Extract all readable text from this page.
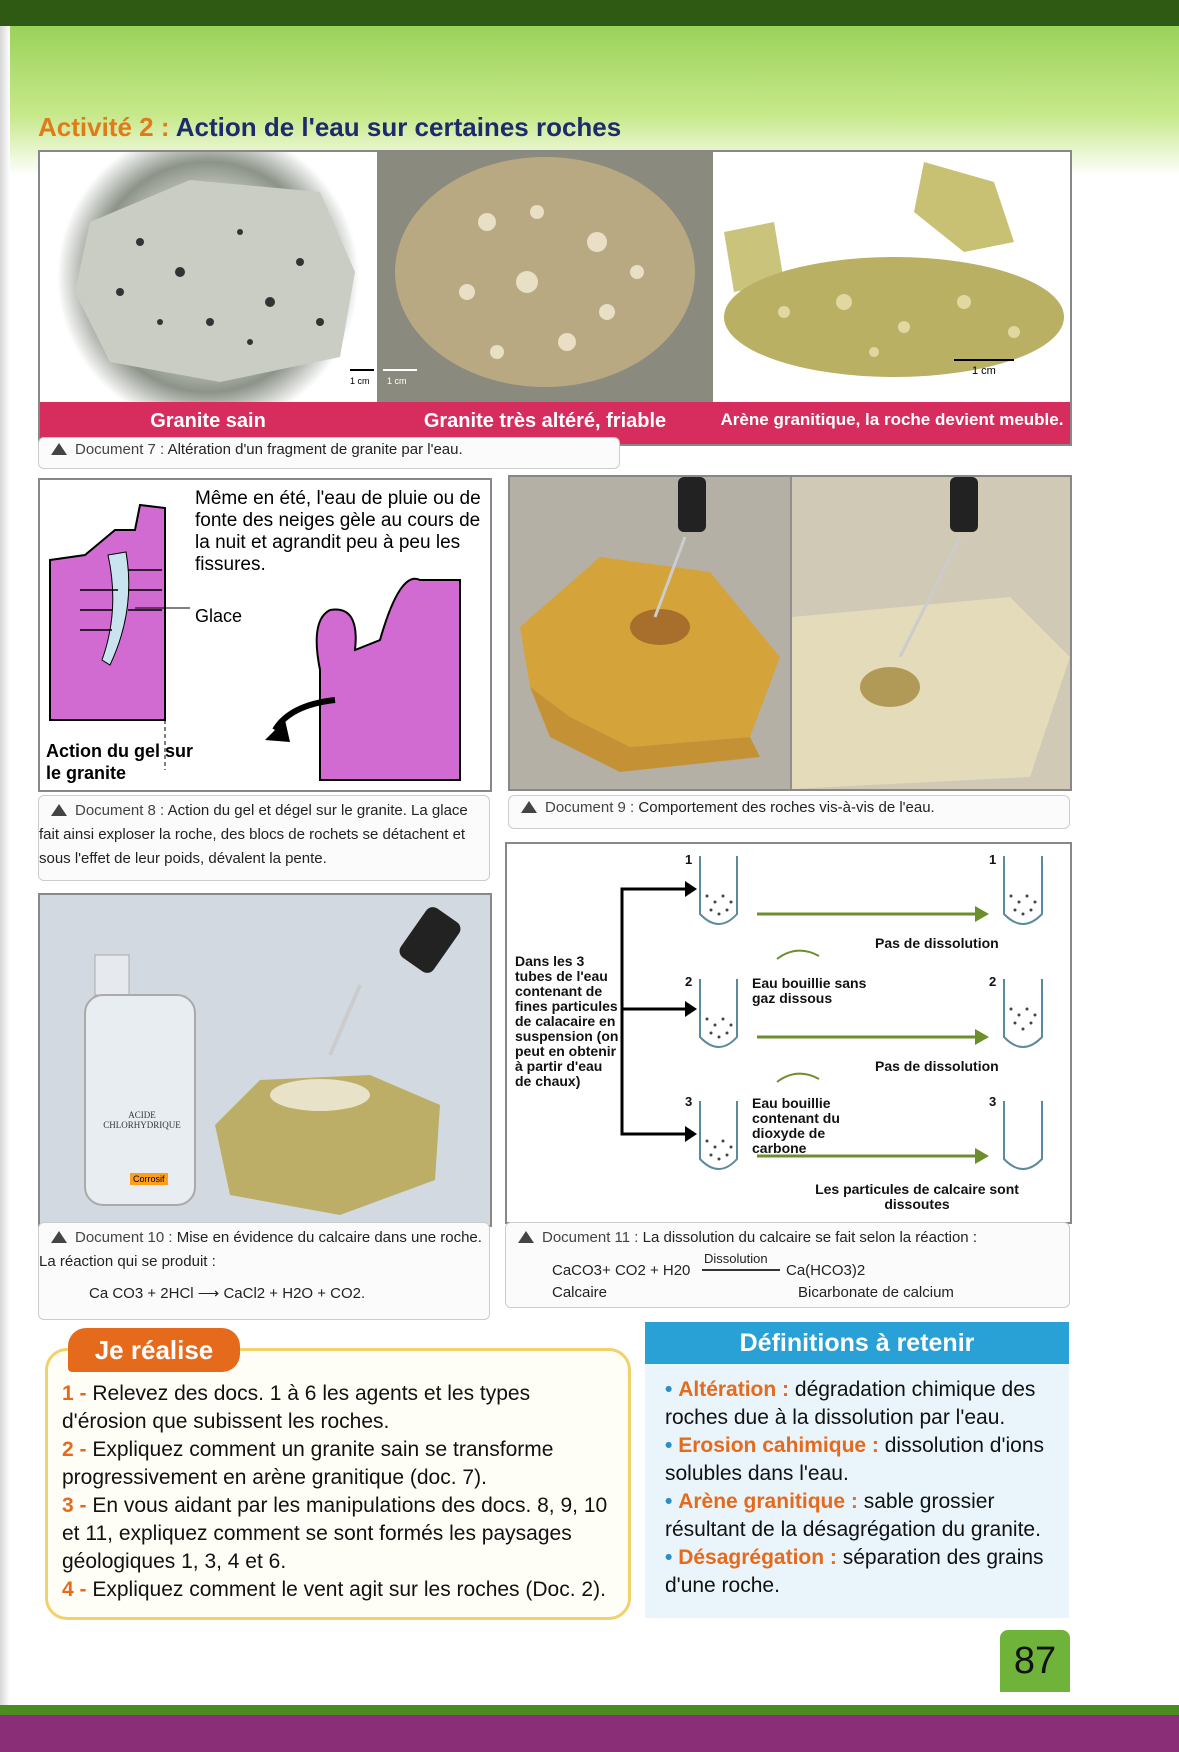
Activité 2 : Action de l'eau sur certaines roches
1 cm 1 cm
1 cm
Granite sain	Granite très altéré, friable	Arène granitique, la roche devient meuble.
Document 7 : Altération d'un fragment de granite par l'eau.
Même en été, l'eau de pluie ou de fonte des neiges gèle au cours de la nuit et agrandit peu à peu les fissures.
Glace
Action du gel sur le granite
Document 8 : Action du gel et dégel sur le granite. La glace fait ainsi exploser la roche, des blocs de rochets se détachent et sous l'effet de leur poids, dévalent la pente.
Document 9 : Comportement des roches vis-à-vis de l'eau.
ACIDE CHLORHYDRIQUE
Corrosif
Document 10 : Mise en évidence du calcaire dans une roche. La réaction qui se produit :
Ca CO3 + 2HCl ⟶ CaCl2 + H2O + CO2.
1
2
3
1
2
3
Dans les 3 tubes de l'eau contenant de fines particules de calacaire en suspension (on peut en obtenir à partir d'eau de chaux)
Eau bouillie sans gaz dissous
Eau bouillie contenant du dioxyde de carbone
Pas de dissolution
Pas de dissolution
Les particules de calcaire sont dissoutes
Document 11 : La dissolution du calcaire se fait selon la réaction :
CaCO3+ CO2 + H20
Dissolution
Ca(HCO3)2
Calcaire	Bicarbonate de calcium
Je réalise
1 - Relevez des docs. 1 à 6 les agents et les types d'érosion que subissent les roches.
2 - Expliquez comment un granite sain se transforme progressivement en arène granitique (doc. 7).
3 - En vous aidant par les manipulations des docs. 8, 9, 10 et 11, expliquez comment se sont formés les paysages géologiques 1, 3, 4 et 6.
4 - Expliquez comment le vent agit sur les roches (Doc. 2).
Définitions à retenir
• Altération : dégradation chimique des roches due à la dissolution par l'eau.
• Erosion cahimique : dissolution d'ions solubles dans l'eau.
• Arène granitique : sable grossier résultant de la désagrégation du granite.
• Désagrégation : séparation des grains d'une roche.
87
